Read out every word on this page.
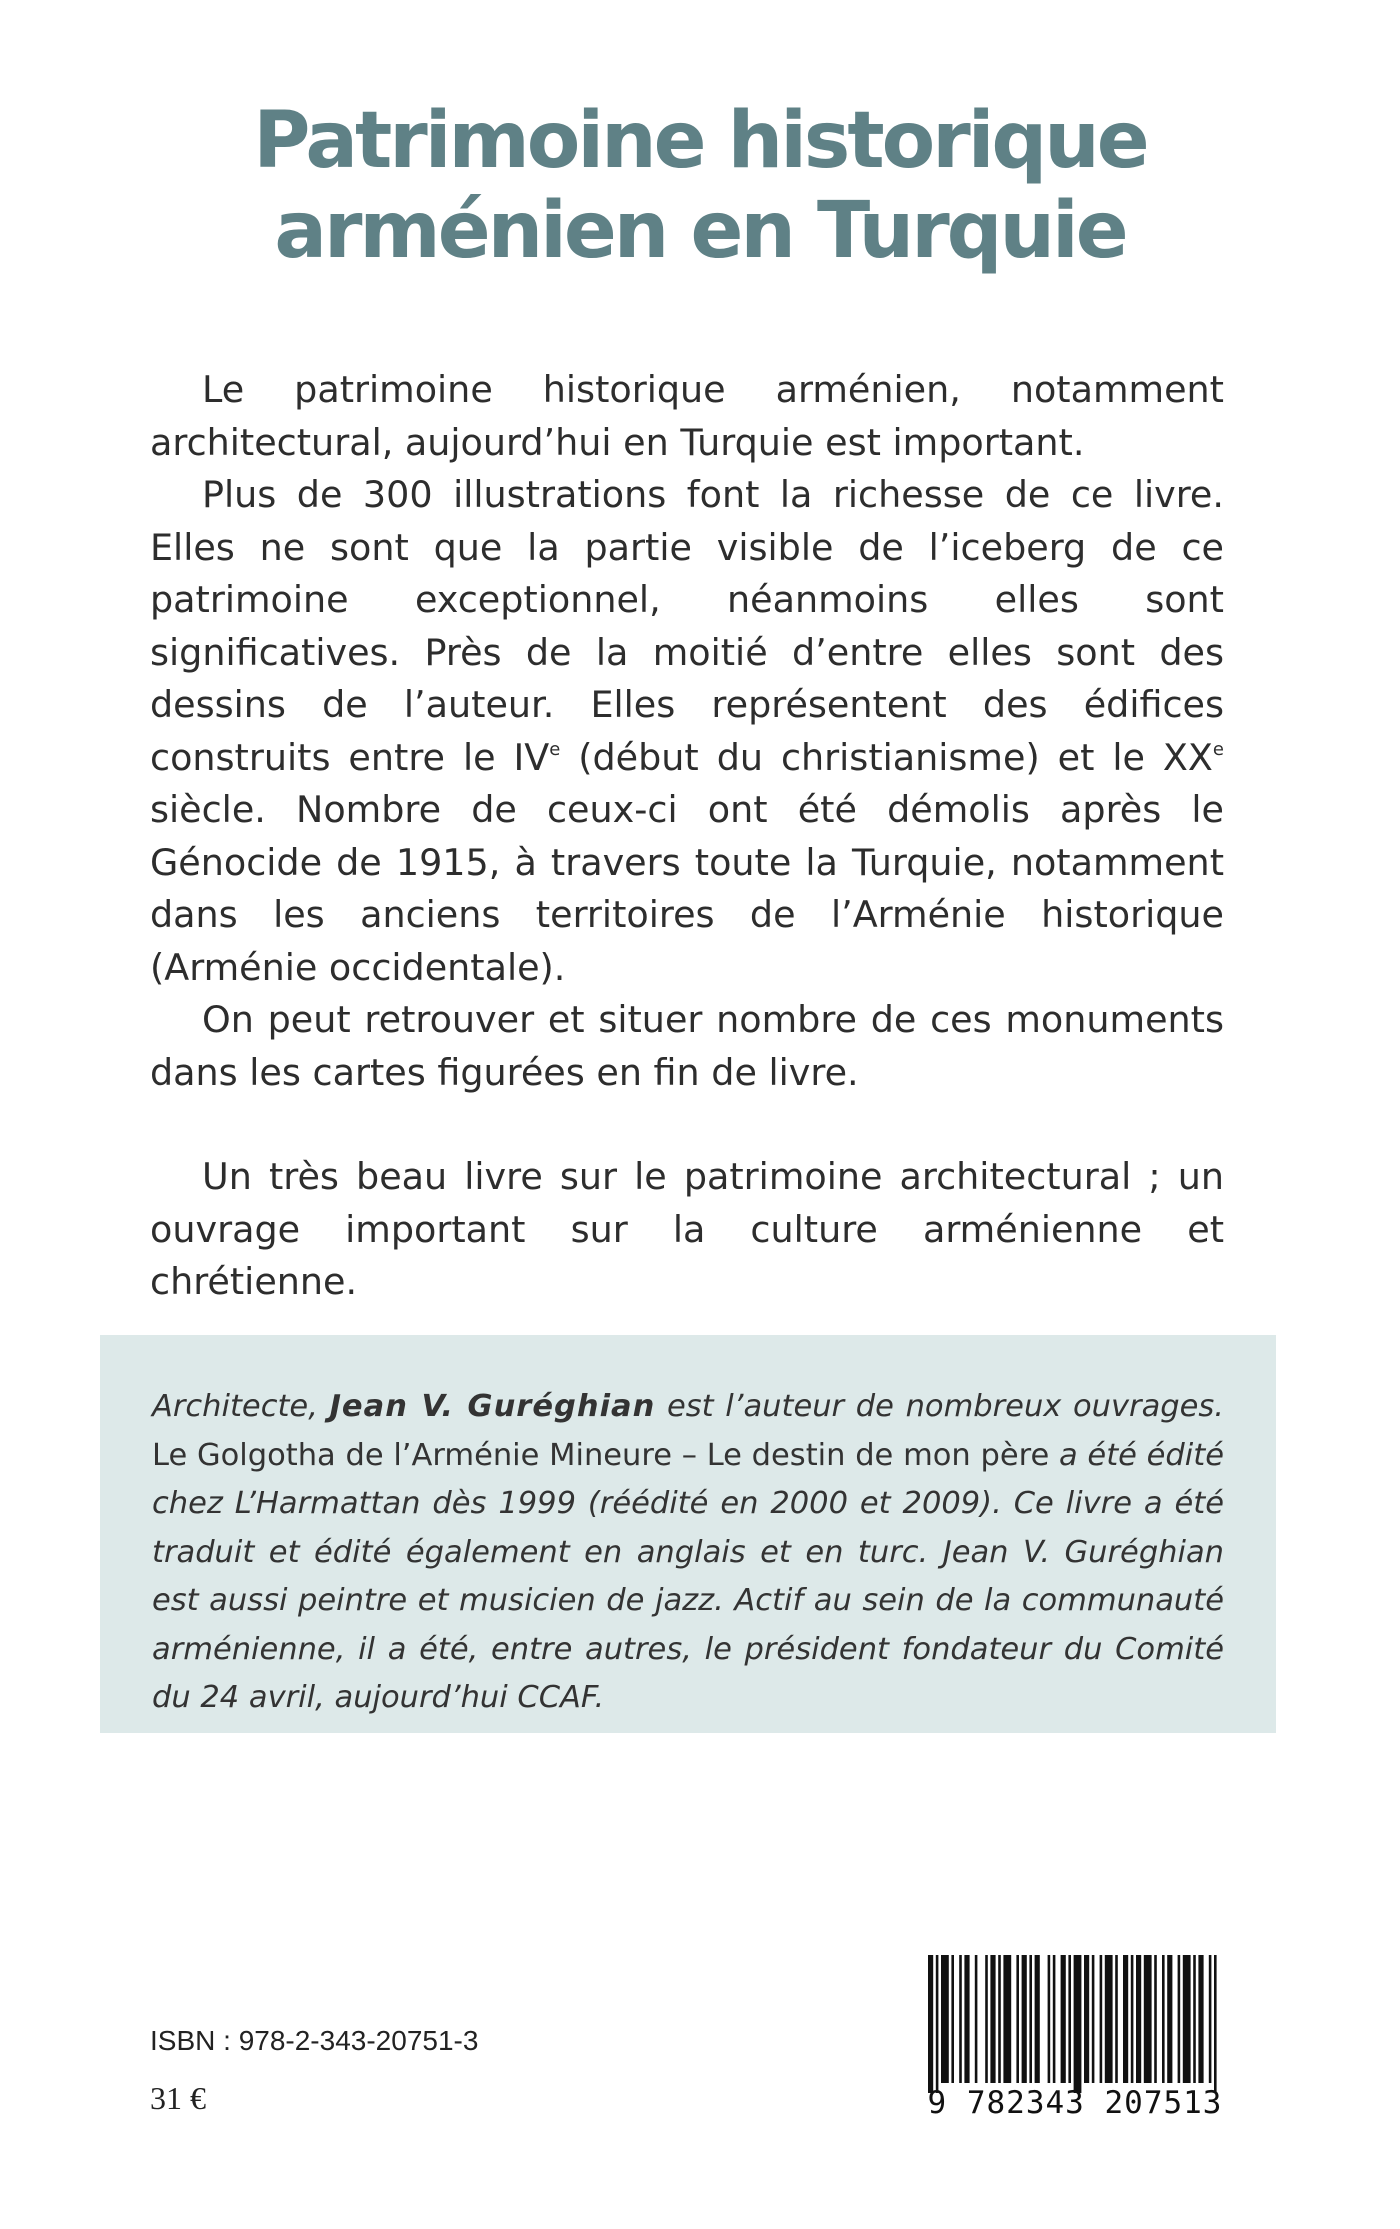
Patrimoine historique
arménien en Turquie

Le patrimoine historique arménien, notamment architectural, aujourd’hui en Turquie est important.

Plus de 300 illustrations font la richesse de ce livre. Elles ne sont que la partie visible de l’iceberg de ce patrimoine exceptionnel, néanmoins elles sont significatives. Près de la moitié d’entre elles sont des dessins de l’auteur. Elles représentent des édifices construits entre le IVe (début du christianisme) et le XXe siècle. Nombre de ceux-ci ont été démolis après le Génocide de 1915, à travers toute la Turquie, notamment dans les anciens territoires de l’Arménie historique (Arménie occidentale).

On peut retrouver et situer nombre de ces monuments dans les cartes figurées en fin de livre.

Un très beau livre sur le patrimoine architectural ; un ouvrage important sur la culture arménienne et chrétienne.

Architecte, Jean V. Guréghian est l’auteur de nombreux ouvrages. Le Golgotha de l’Arménie Mineure – Le destin de mon père a été édité chez L’Harmattan dès 1999 (réédité en 2000 et 2009). Ce livre a été traduit et édité également en anglais et en turc. Jean V. Guréghian est aussi peintre et musicien de jazz. Actif au sein de la communauté arménienne, il a été, entre autres, le président fondateur du Comité du 24 avril, aujourd’hui CCAF.

ISBN : 978-2-343-20751-3
31 €	9 782343 207513
